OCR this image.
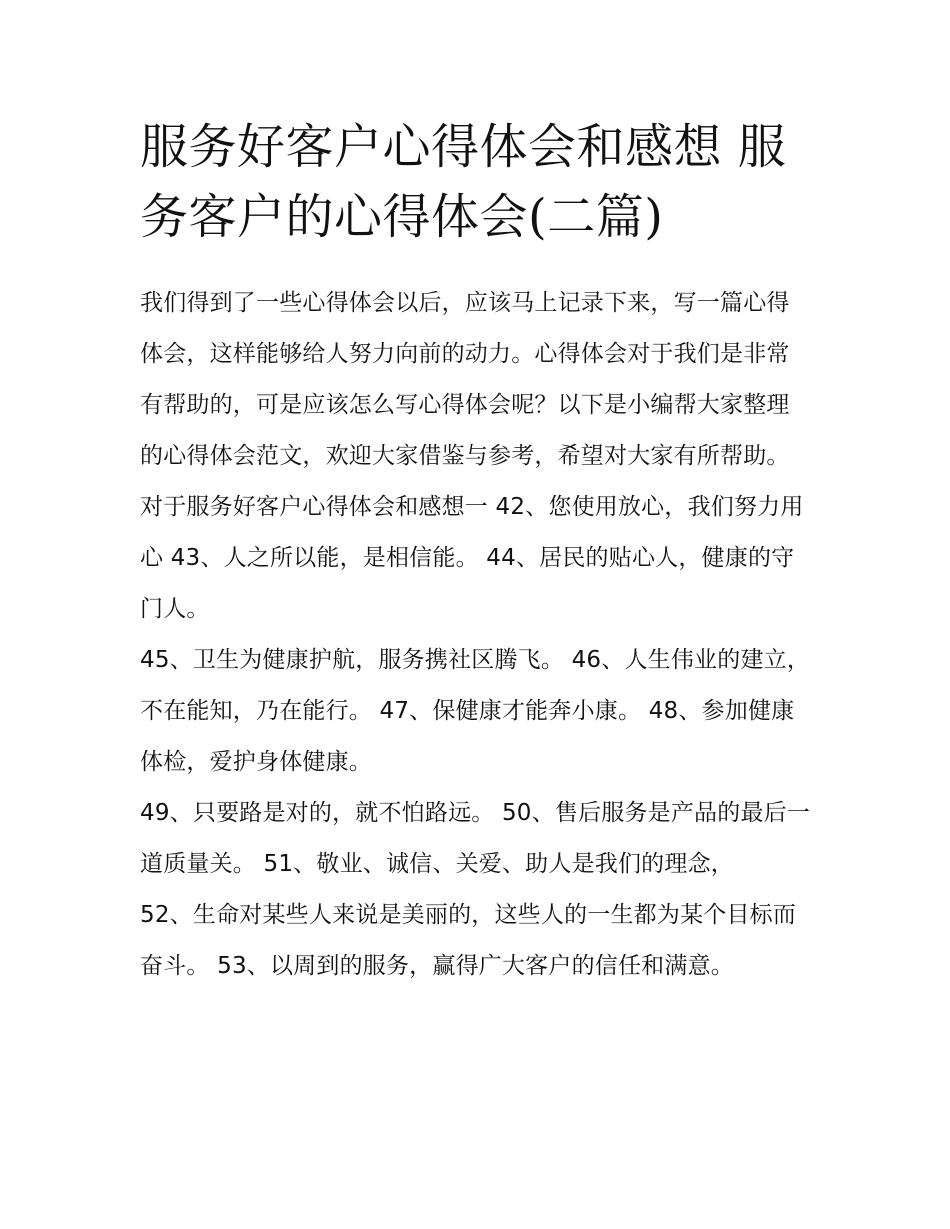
服务好客户心得体会和感想 服务客户的心得体会(二篇)

我们得到了一些心得体会以后，应该马上记录下来，写一篇心得体会，这样能够给人努力向前的动力。心得体会对于我们是非常有帮助的，可是应该怎么写心得体会呢？以下是小编帮大家整理的心得体会范文，欢迎大家借鉴与参考，希望对大家有所帮助。

对于服务好客户心得体会和感想一 42、您使用放心，我们努力用心 43、人之所以能，是相信能。 44、居民的贴心人，健康的守门人。

45、卫生为健康护航，服务携社区腾飞。 46、人生伟业的建立，不在能知，乃在能行。 47、保健康才能奔小康。 48、参加健康体检，爱护身体健康。

49、只要路是对的，就不怕路远。 50、售后服务是产品的最后一道质量关。 51、敬业、诚信、关爱、助人是我们的理念，

52、生命对某些人来说是美丽的，这些人的一生都为某个目标而奋斗。 53、以周到的服务，赢得广大客户的信任和满意。
